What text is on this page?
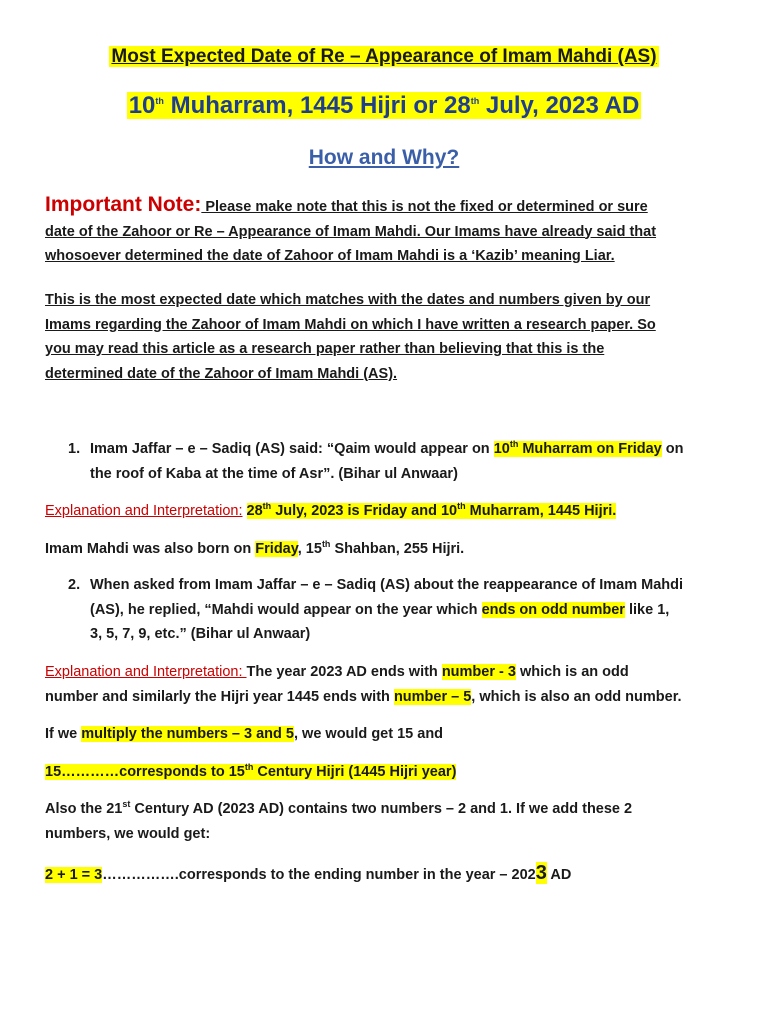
Most Expected Date of Re – Appearance of Imam Mahdi (AS)
10th Muharram, 1445 Hijri or 28th July, 2023 AD
How and Why?
Important Note: Please make note that this is not the fixed or determined or sure
date of the Zahoor or Re – Appearance of Imam Mahdi. Our Imams have already said that
whosoever determined the date of Zahoor of Imam Mahdi is a ‘Kazib’ meaning Liar.
This is the most expected date which matches with the dates and numbers given by our
Imams regarding the Zahoor of Imam Mahdi on which I have written a research paper. So
you may read this article as a research paper rather than believing that this is the
determined date of the Zahoor of Imam Mahdi (AS).
1. Imam Jaffar – e – Sadiq (AS) said: “Qaim would appear on 10th Muharram on Friday on
the roof of Kaba at the time of Asr”. (Bihar ul Anwaar)
Explanation and Interpretation: 28th July, 2023 is Friday and 10th Muharram, 1445 Hijri.
Imam Mahdi was also born on Friday, 15th Shahban, 255 Hijri.
2. When asked from Imam Jaffar – e – Sadiq (AS) about the reappearance of Imam Mahdi
(AS), he replied, “Mahdi would appear on the year which ends on odd number like 1,
3, 5, 7, 9, etc.” (Bihar ul Anwaar)
Explanation and Interpretation: The year 2023 AD ends with number - 3 which is an odd
number and similarly the Hijri year 1445 ends with number – 5, which is also an odd number.
If we multiply the numbers – 3 and 5, we would get 15 and
15…………corresponds to 15th Century Hijri (1445 Hijri year)
Also the 21st Century AD (2023 AD) contains two numbers – 2 and 1. If we add these 2
numbers, we would get:
2 + 1 = 3…………….corresponds to the ending number in the year – 2023 AD
